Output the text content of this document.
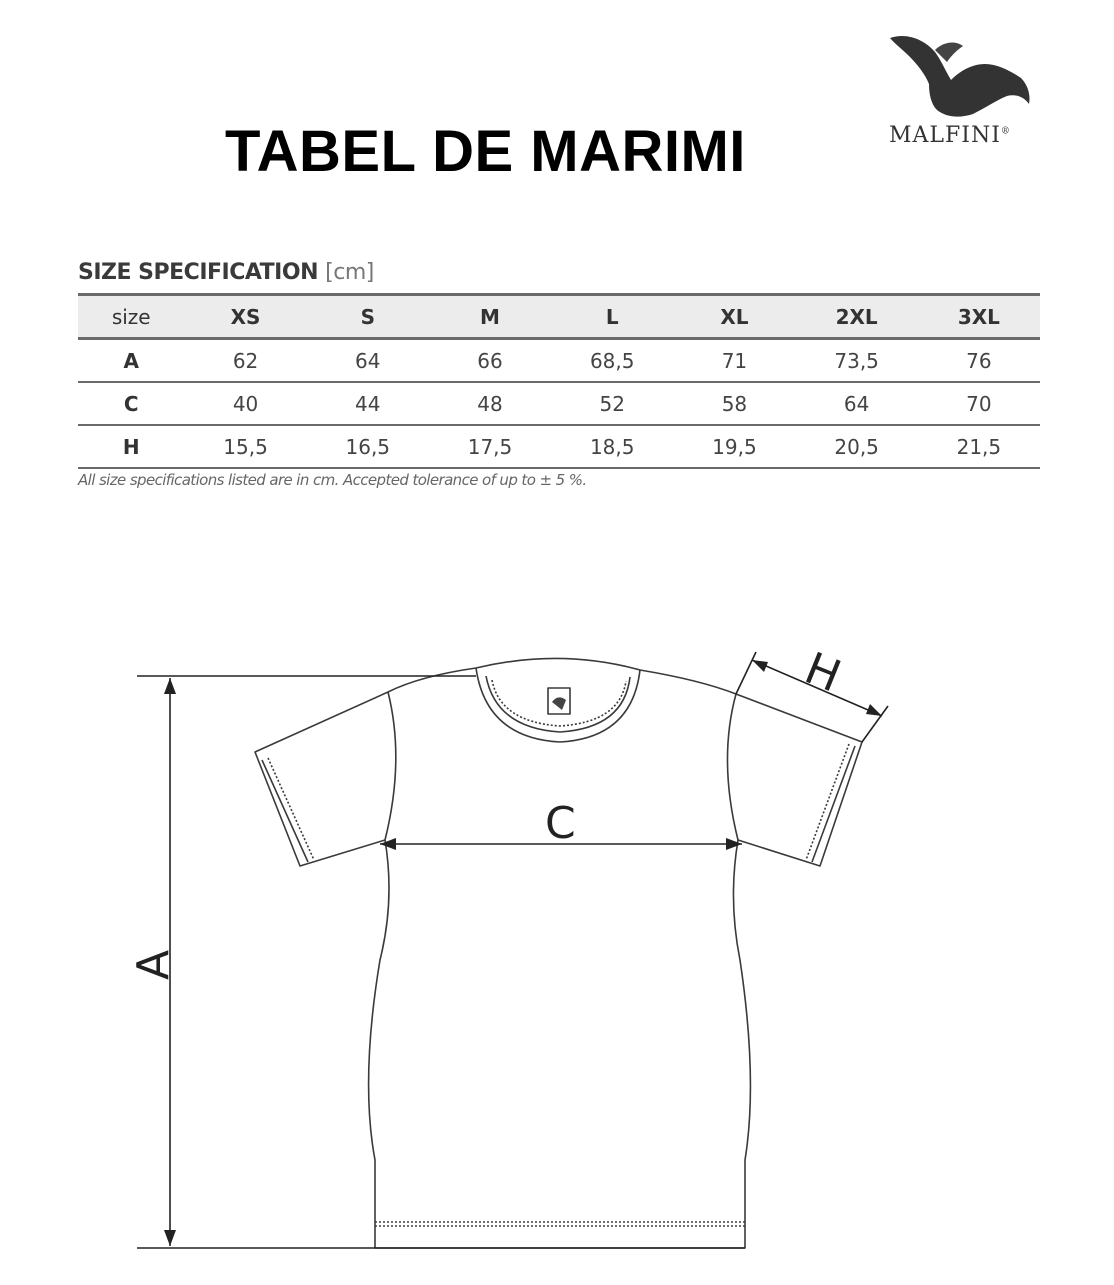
TABEL DE MARIMI	MALFINI®
SIZE SPECIFICATION [cm]
size	XS	S	M	L	XL	2XL	3XL
A	62	64	66	68,5	71	73,5	76
C	40	44	48	52	58	64	70
H	15,5	16,5	17,5	18,5	19,5	20,5	21,5
All size specifications listed are in cm. Accepted tolerance of up to ± 5 %.
A
C
H
